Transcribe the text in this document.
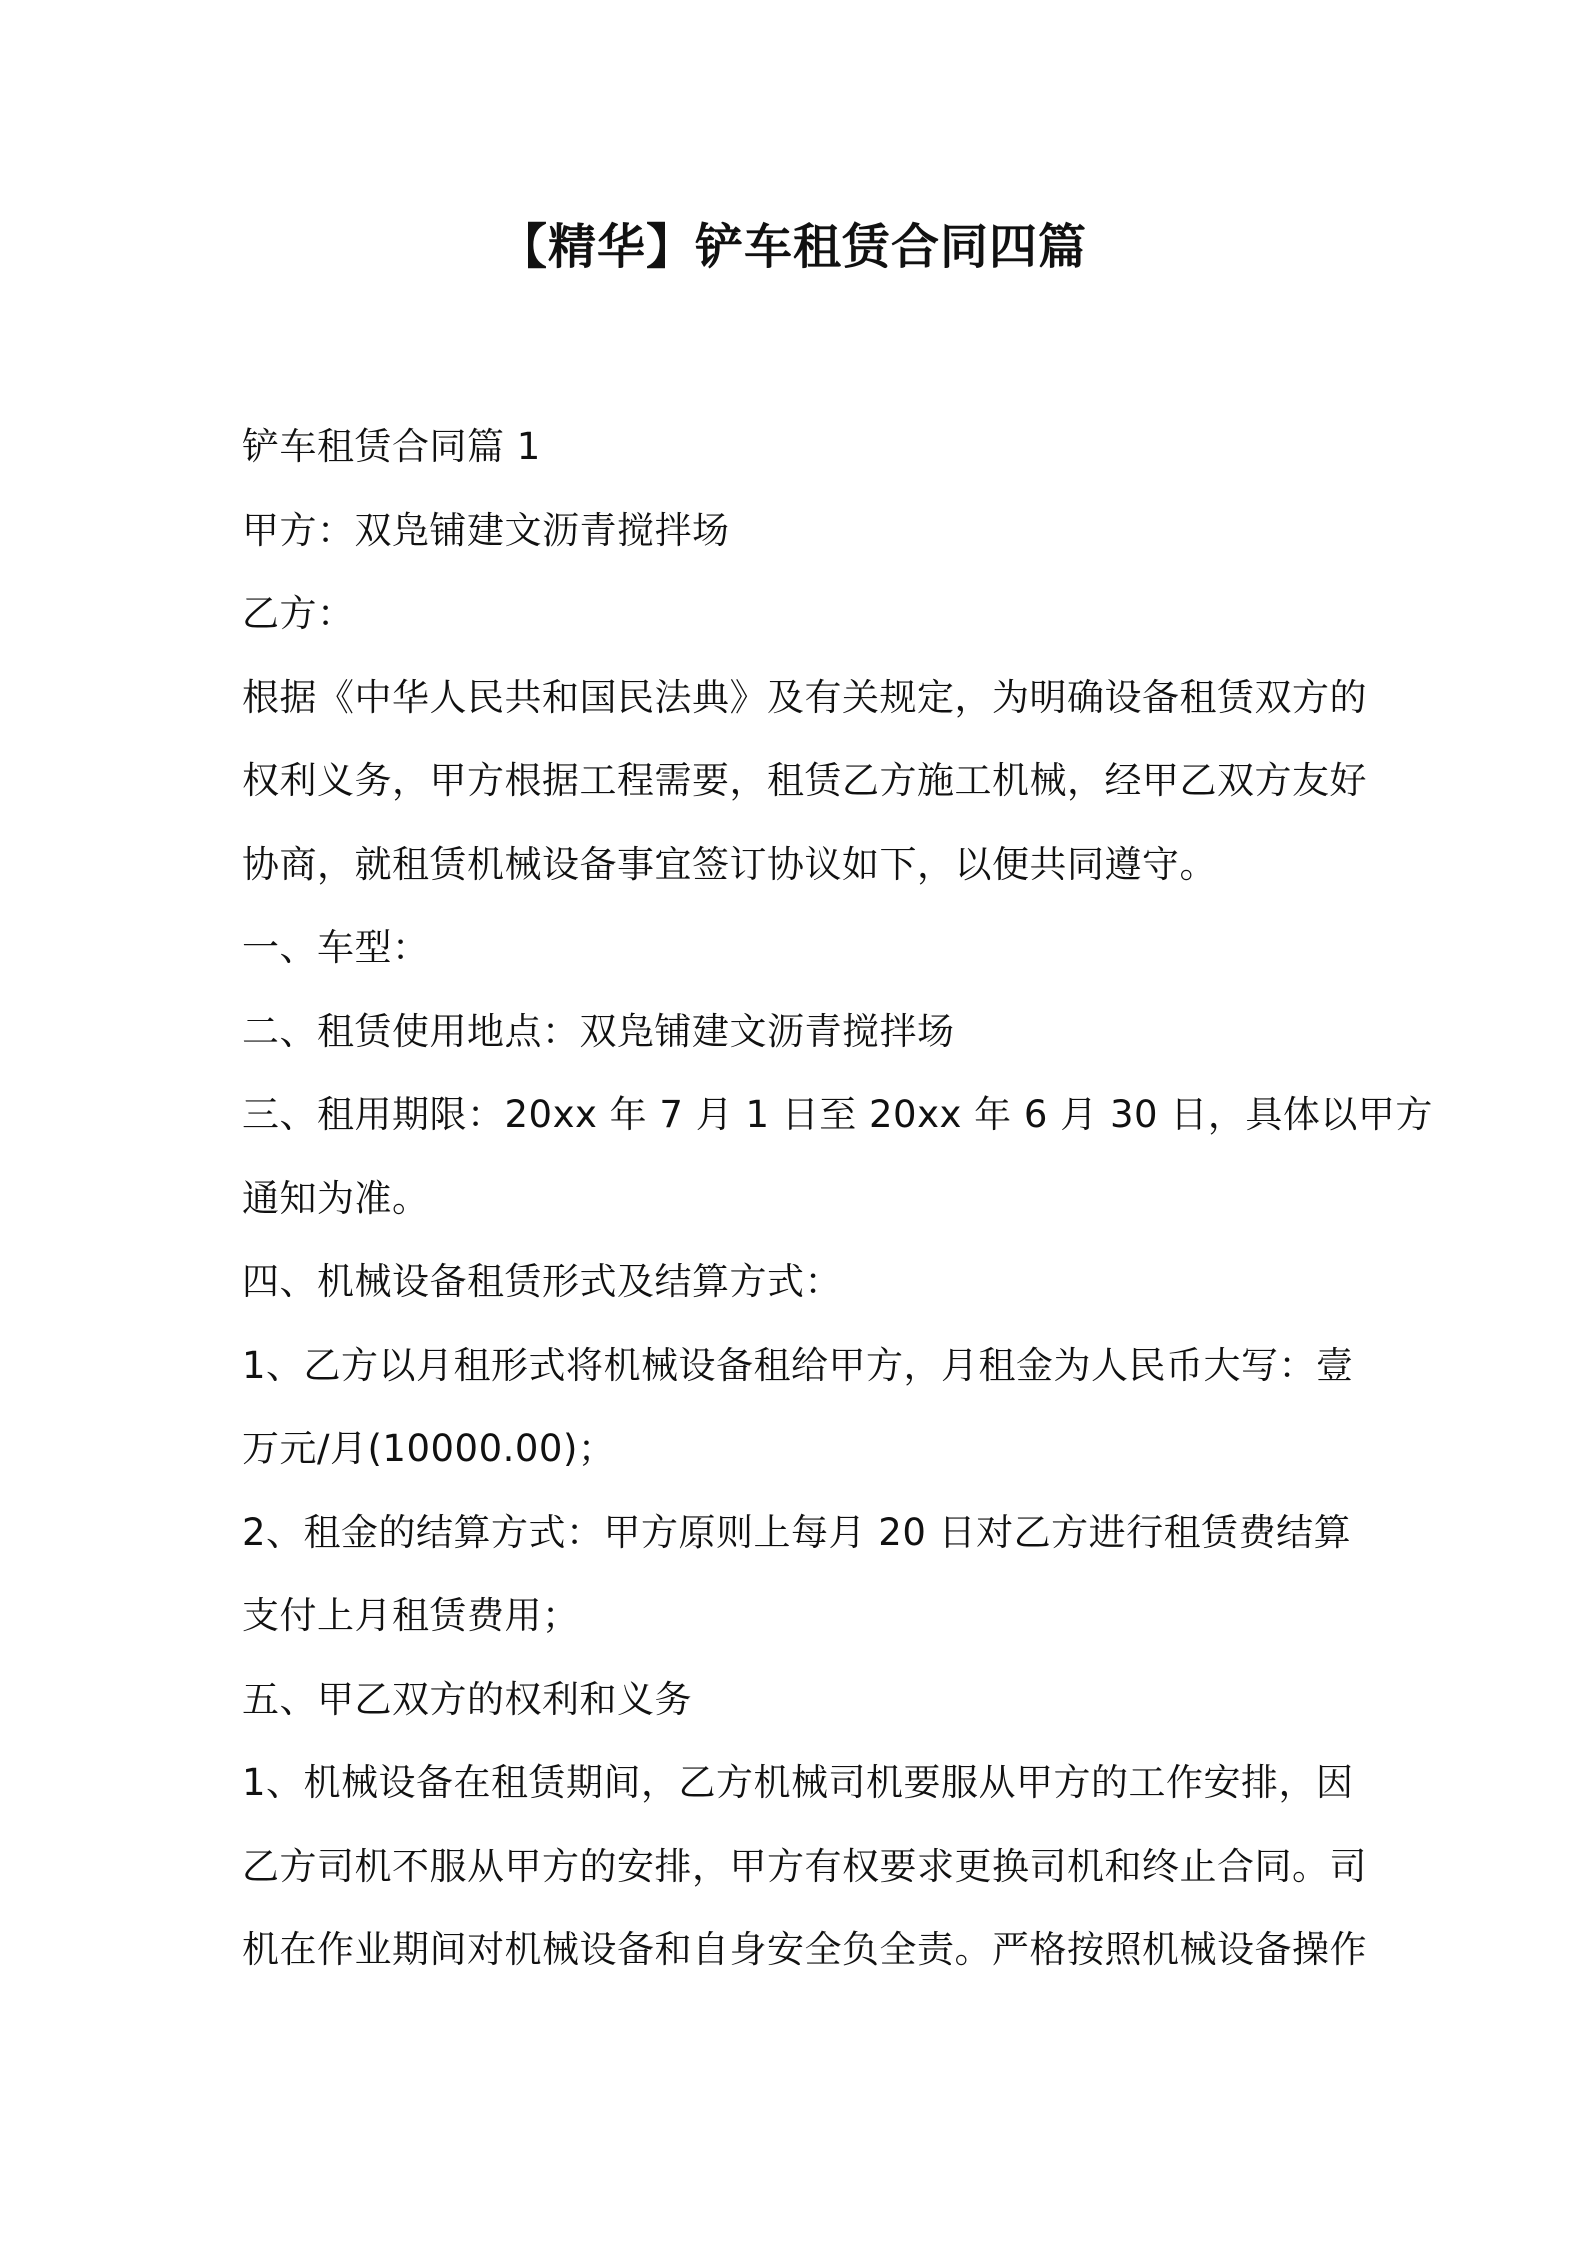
【精华】铲车租赁合同四篇
铲车租赁合同篇 1
甲方：双凫铺建文沥青搅拌场
乙方：
根据《中华人民共和国民法典》及有关规定，为明确设备租赁双方的
权利义务，甲方根据工程需要，租赁乙方施工机械，经甲乙双方友好
协商，就租赁机械设备事宜签订协议如下，以便共同遵守。
一、车型：
二、租赁使用地点：双凫铺建文沥青搅拌场
三、租用期限：20xx 年 7 月 1 日至 20xx 年 6 月 30 日，具体以甲方
通知为准。
四、机械设备租赁形式及结算方式：
1、乙方以月租形式将机械设备租给甲方，月租金为人民币大写：壹
万元/月(10000.00)；
2、租金的结算方式：甲方原则上每月 20 日对乙方进行租赁费结算
支付上月租赁费用；
五、甲乙双方的权利和义务
1、机械设备在租赁期间，乙方机械司机要服从甲方的工作安排，因
乙方司机不服从甲方的安排，甲方有权要求更换司机和终止合同。司
机在作业期间对机械设备和自身安全负全责。严格按照机械设备操作
